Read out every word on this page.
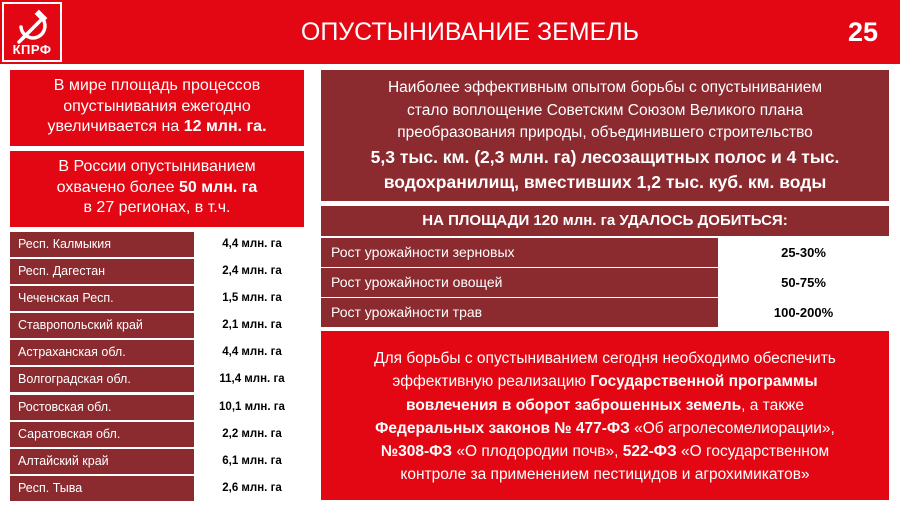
КПРФ
ОПУСТЫНИВАНИЕ ЗЕМЕЛЬ	25
В мире площадь процессов
опустынивания ежегодно
увеличивается на 12 млн. га.
В России опустыниванием
охвачено более 50 млн. га
в 27 регионах, в т.ч.
Респ. Калмыкия	4,4 млн. га
Респ. Дагестан	2,4 млн. га
Чеченская Респ.	1,5 млн. га
Ставропольский край	2,1 млн. га
Астраханская обл.	4,4 млн. га
Волгоградская обл.	11,4 млн. га
Ростовская обл.	10,1 млн. га
Саратовская обл.	2,2 млн. га
Алтайский край	6,1 млн. га
Респ. Тыва	2,6 млн. га
Наиболее эффективным опытом борьбы с опустыниванием
стало воплощение Советским Союзом Великого плана
преобразования природы, объединившего строительство
5,3 тыс. км. (2,3 млн. га) лесозащитных полос и 4 тыс.
водохранилищ, вместивших 1,2 тыс. куб. км. воды
НА ПЛОЩАДИ 120 млн. га УДАЛОСЬ ДОБИТЬСЯ:
Рост урожайности зерновых	25-30%
Рост урожайности овощей	50-75%
Рост урожайности трав	100-200%
Для борьбы с опустыниванием сегодня необходимо обеспечить
эффективную реализацию Государственной программы
вовлечения в оборот заброшенных земель, а также
Федеральных законов № 477-ФЗ «Об агролесомелиорации»,
№308-ФЗ «О плодородии почв», 522-ФЗ «О государственном
контроле за применением пестицидов и агрохимикатов»
